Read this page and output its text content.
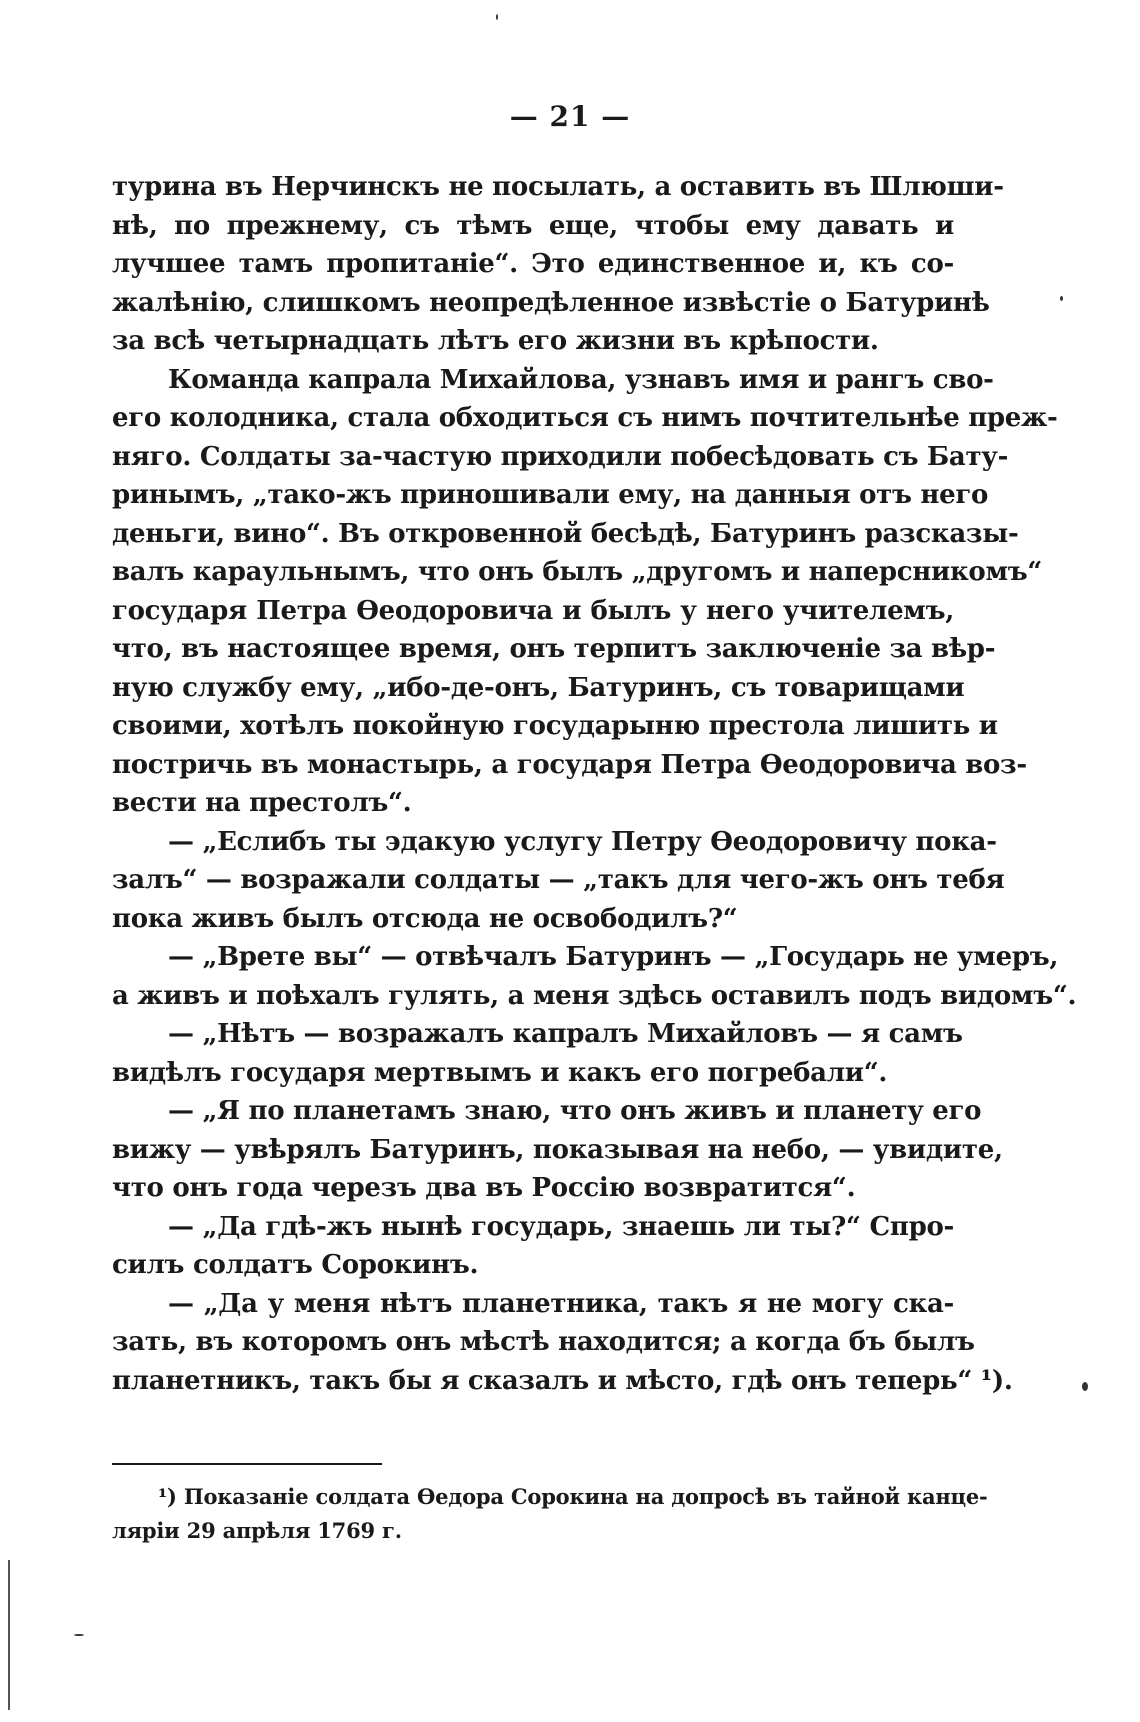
— 21 —
турина въ Нерчинскъ не посылать, а оставить въ Шлюши-
нѣ, по прежнему, съ тѣмъ еще, чтобы ему давать и
лучшее тамъ пропитаніе“. Это единственное и, къ со-
жалѣнію, слишкомъ неопредѣленное извѣстіе о Батуринѣ
за всѣ четырнадцать лѣтъ его жизни въ крѣпости.
Команда капрала Михайлова, узнавъ имя и рангъ сво-
его колодника, стала обходиться съ нимъ почтительнѣе преж-
няго. Солдаты за-частую приходили побесѣдовать съ Бату-
ринымъ, „тако-жъ приношивали ему, на данныя отъ него
деньги, вино“. Въ откровенной бесѣдѣ, Батуринъ разсказы-
валъ караульнымъ, что онъ былъ „другомъ и наперсникомъ“
государя Петра Ѳеодоровича и былъ у него учителемъ,
что, въ настоящее время, онъ терпитъ заключеніе за вѣр-
ную службу ему, „ибо-де-онъ, Батуринъ, съ товарищами
своими, хотѣлъ покойную государыню престола лишить и
постричь въ монастырь, а государя Петра Ѳеодоровича воз-
вести на престолъ“.
— „Еслибъ ты эдакую услугу Петру Ѳеодоровичу пока-
залъ“ — возражали солдаты — „такъ для чего-жъ онъ тебя
пока живъ былъ отсюда не освободилъ?“
— „Врете вы“ — отвѣчалъ Батуринъ — „Государь не умеръ,
а живъ и поѣхалъ гулять, а меня здѣсь оставилъ подъ видомъ“.
— „Нѣтъ — возражалъ капралъ Михайловъ — я самъ
видѣлъ государя мертвымъ и какъ его погребали“.
— „Я по планетамъ знаю, что онъ живъ и планету его
вижу — увѣрялъ Батуринъ, показывая на небо, — увидите,
что онъ года черезъ два въ Россію возвратится“.
— „Да гдѣ-жъ нынѣ государь, знаешь ли ты?“ Спро-
силъ солдатъ Сорокинъ.
— „Да у меня нѣтъ планетника, такъ я не могу ска-
зать, въ которомъ онъ мѣстѣ находится; а когда бъ былъ
планетникъ, такъ бы я сказалъ и мѣсто, гдѣ онъ теперь“ ¹).
¹) Показаніе солдата Ѳедора Сорокина на допросѣ въ тайной канце-
ляріи 29 апрѣля 1769 г.
